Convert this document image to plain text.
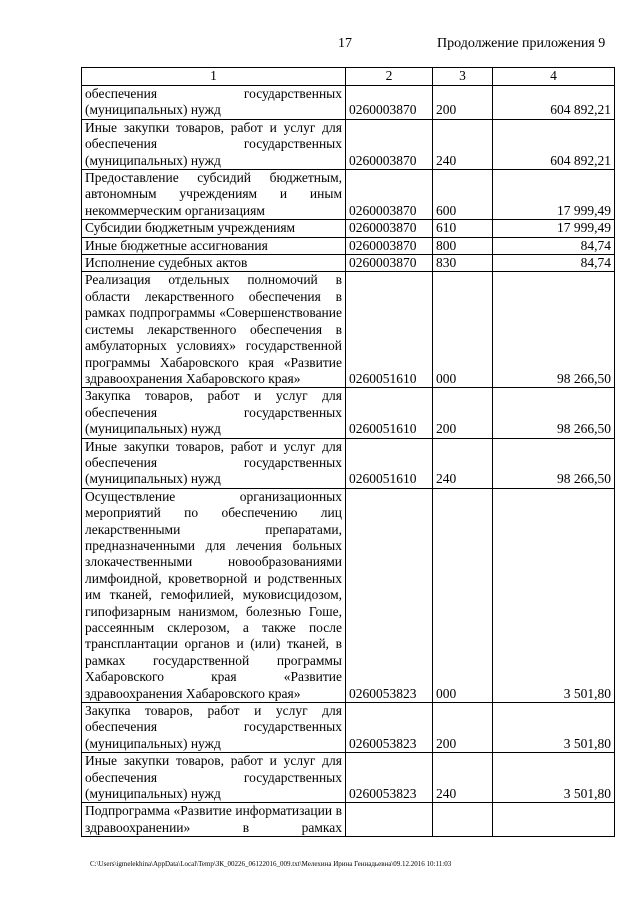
17	Продолжение приложения 9
1	2	3	4
обеспечения государственных (муниципальных) нужд	0260003870	200	604 892,21
Иные закупки товаров, работ и услуг для обеспечения государственных (муниципальных) нужд	0260003870	240	604 892,21
Предоставление субсидий бюджетным, автономным учреждениям и иным некоммерческим организациям	0260003870	600	17 999,49
Субсидии бюджетным учреждениям	0260003870	610	17 999,49
Иные бюджетные ассигнования	0260003870	800	84,74
Исполнение судебных актов	0260003870	830	84,74
Реализация отдельных полномочий в области лекарственного обеспечения в рамках подпрограммы «Совершенствование системы лекарственного обеспечения в амбулаторных условиях» государственной программы Хабаровского края «Развитие здравоохранения Хабаровского края»	0260051610	000	98 266,50
Закупка товаров, работ и услуг для обеспечения государственных (муниципальных) нужд	0260051610	200	98 266,50
Иные закупки товаров, работ и услуг для обеспечения государственных (муниципальных) нужд	0260051610	240	98 266,50
Осуществление организационных мероприятий по обеспечению лиц лекарственными препаратами, предназначенными для лечения больных злокачественными новообразованиями лимфоидной, кроветворной и родственных им тканей, гемофилией, муковисцидозом, гипофизарным нанизмом, болезнью Гоше, рассеянным склерозом, а также после трансплантации органов и (или) тканей, в рамках государственной программы Хабаровского края «Развитие здравоохранения Хабаровского края»	0260053823	000	3 501,80
Закупка товаров, работ и услуг для обеспечения государственных (муниципальных) нужд	0260053823	200	3 501,80
Иные закупки товаров, работ и услуг для обеспечения государственных (муниципальных) нужд	0260053823	240	3 501,80
Подпрограмма «Развитие информатизации в здравоохранении» в рамках			
C:\Users\igmelekhina\AppData\Local\Temp\ЗК_00226_06122016_009.txt\Мелехина Ирина Геннадьевна\09.12.2016 10:11:03
